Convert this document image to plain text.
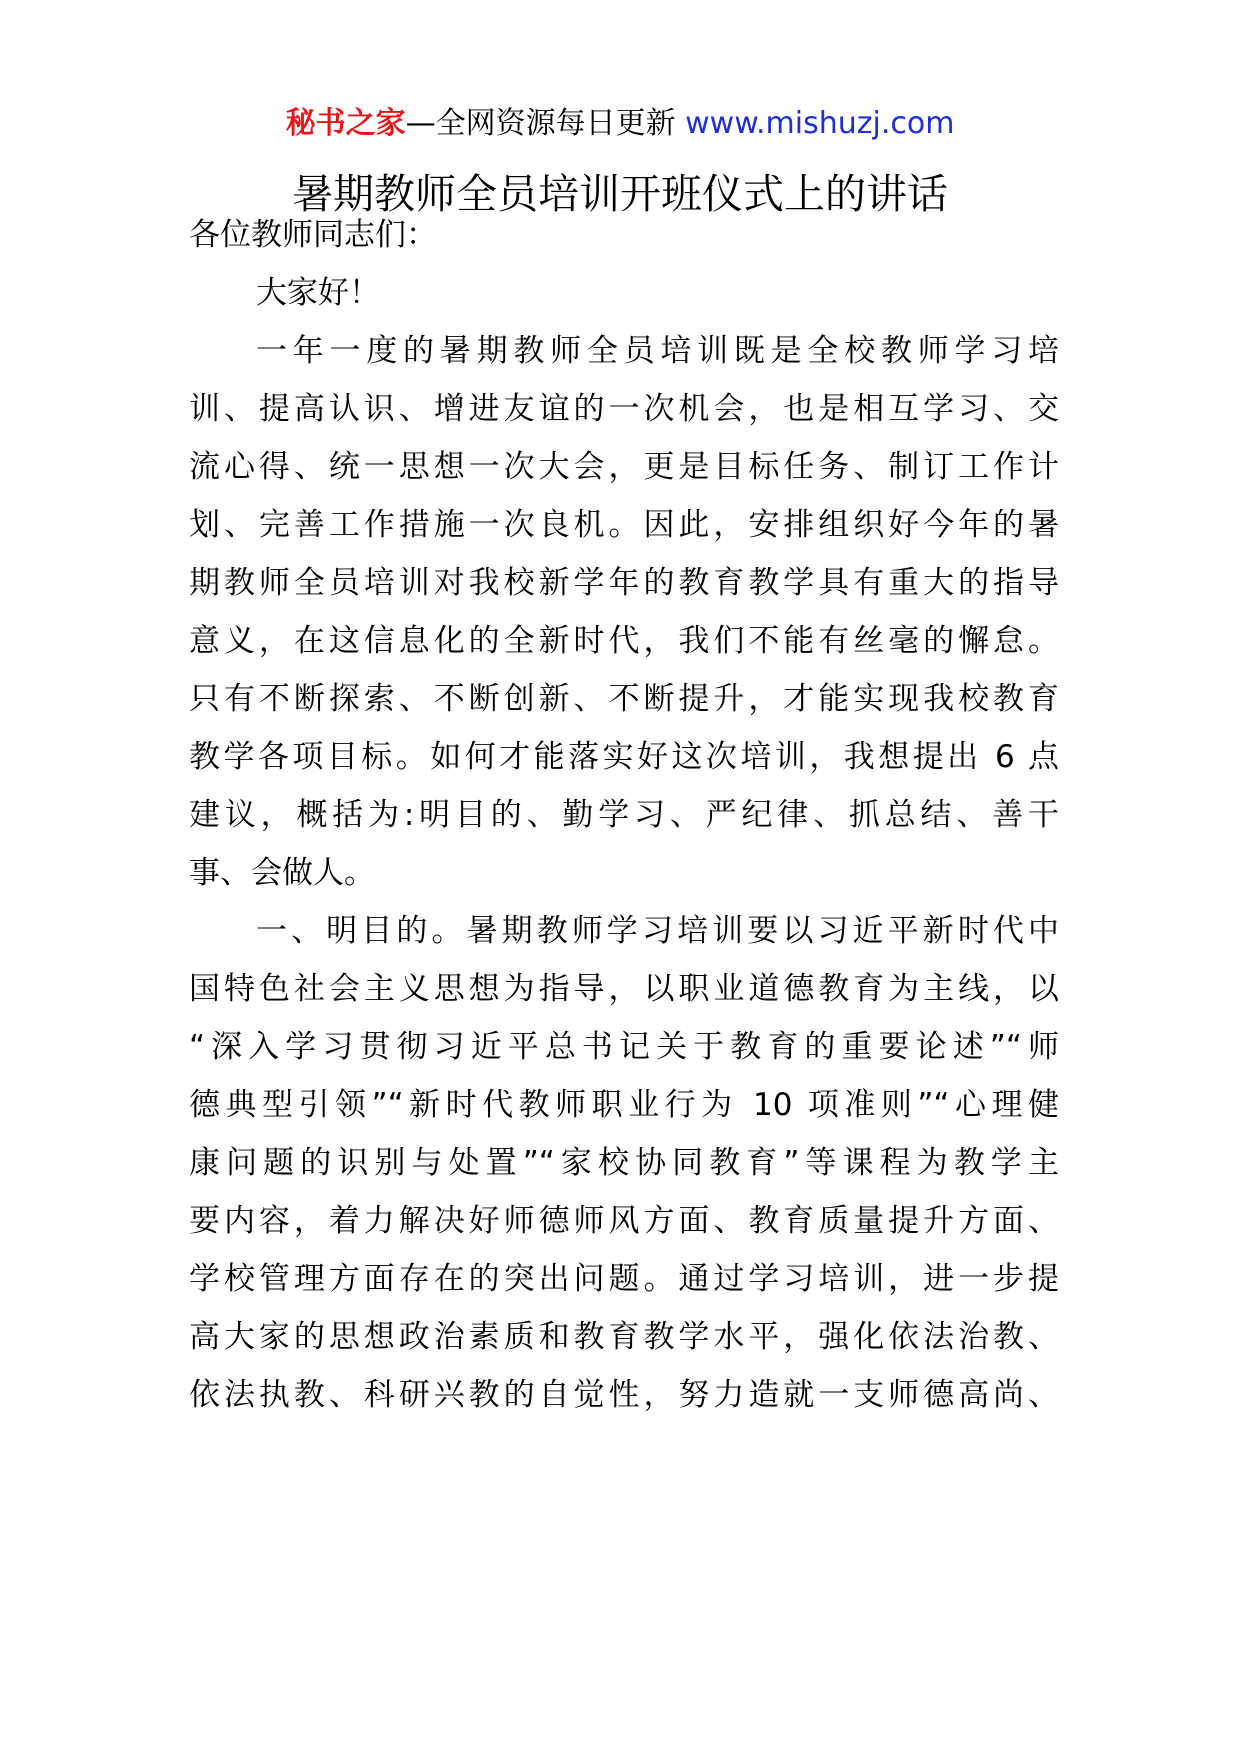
秘书之家—全网资源每日更新 www.mishuzj.com
暑期教师全员培训开班仪式上的讲话
各位教师同志们：
大家好！
一年一度的暑期教师全员培训既是全校教师学习培
训、提高认识、增进友谊的一次机会，也是相互学习、交
流心得、统一思想一次大会，更是目标任务、制订工作计
划、完善工作措施一次良机。因此，安排组织好今年的暑
期教师全员培训对我校新学年的教育教学具有重大的指导
意义，在这信息化的全新时代，我们不能有丝毫的懈怠。
只有不断探索、不断创新、不断提升，才能实现我校教育
教学各项目标。如何才能落实好这次培训，我想提出 6 点
建议，概括为:明目的、勤学习、严纪律、抓总结、善干
事、会做人。
一、明目的。暑期教师学习培训要以习近平新时代中
国特色社会主义思想为指导，以职业道德教育为主线，以
“深入学习贯彻习近平总书记关于教育的重要论述”“师
德典型引领”“新时代教师职业行为 10 项准则”“心理健
康问题的识别与处置”“家校协同教育”等课程为教学主
要内容，着力解决好师德师风方面、教育质量提升方面、
学校管理方面存在的突出问题。通过学习培训，进一步提
高大家的思想政治素质和教育教学水平，强化依法治教、
依法执教、科研兴教的自觉性，努力造就一支师德高尚、
